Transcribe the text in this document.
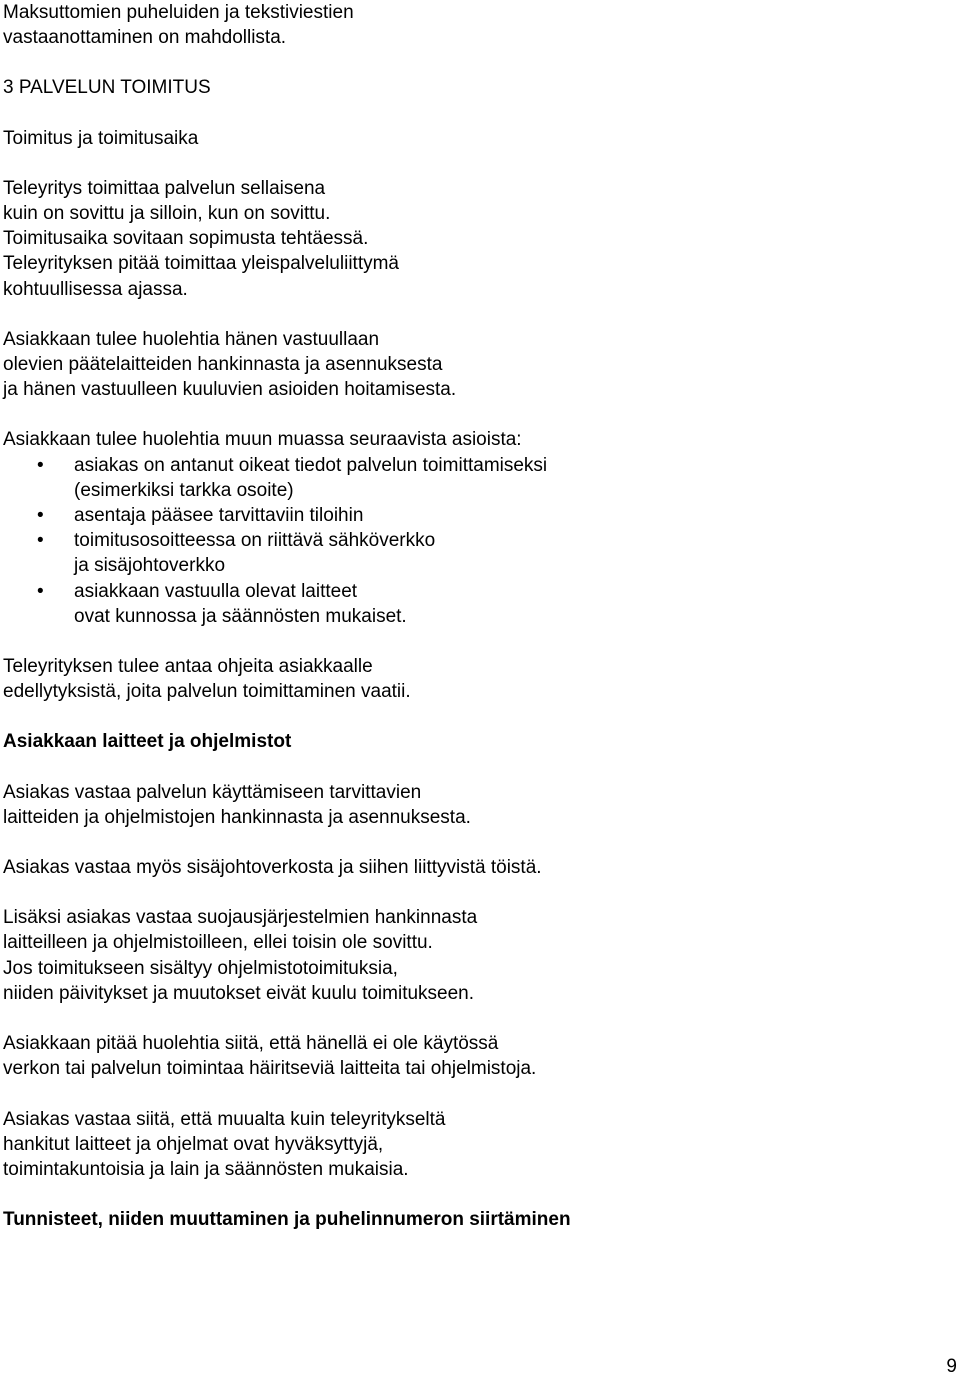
Maksuttomien puheluiden ja tekstiviestien
vastaanottaminen on mahdollista.
3 PALVELUN TOIMITUS
Toimitus ja toimitusaika
Teleyritys toimittaa palvelun sellaisena
kuin on sovittu ja silloin, kun on sovittu.
Toimitusaika sovitaan sopimusta tehtäessä.
Teleyrityksen pitää toimittaa yleispalveluliittymä
kohtuullisessa ajassa.
Asiakkaan tulee huolehtia hänen vastuullaan
olevien päätelaitteiden hankinnasta ja asennuksesta
ja hänen vastuulleen kuuluvien asioiden hoitamisesta.
Asiakkaan tulee huolehtia muun muassa seuraavista asioista:
• asiakas on antanut oikeat tiedot palvelun toimittamiseksi
(esimerkiksi tarkka osoite)
• asentaja pääsee tarvittaviin tiloihin
• toimitusosoitteessa on riittävä sähköverkko
ja sisäjohtoverkko
• asiakkaan vastuulla olevat laitteet
ovat kunnossa ja säännösten mukaiset.
Teleyrityksen tulee antaa ohjeita asiakkaalle
edellytyksistä, joita palvelun toimittaminen vaatii.
Asiakkaan laitteet ja ohjelmistot
Asiakas vastaa palvelun käyttämiseen tarvittavien
laitteiden ja ohjelmistojen hankinnasta ja asennuksesta.
Asiakas vastaa myös sisäjohtoverkosta ja siihen liittyvistä töistä.
Lisäksi asiakas vastaa suojausjärjestelmien hankinnasta
laitteilleen ja ohjelmistoilleen, ellei toisin ole sovittu.
Jos toimitukseen sisältyy ohjelmistotoimituksia,
niiden päivitykset ja muutokset eivät kuulu toimitukseen.
Asiakkaan pitää huolehtia siitä, että hänellä ei ole käytössä
verkon tai palvelun toimintaa häiritseviä laitteita tai ohjelmistoja.
Asiakas vastaa siitä, että muualta kuin teleyritykseltä
hankitut laitteet ja ohjelmat ovat hyväksyttyjä,
toimintakuntoisia ja lain ja säännösten mukaisia.
Tunnisteet, niiden muuttaminen ja puhelinnumeron siirtäminen
9
